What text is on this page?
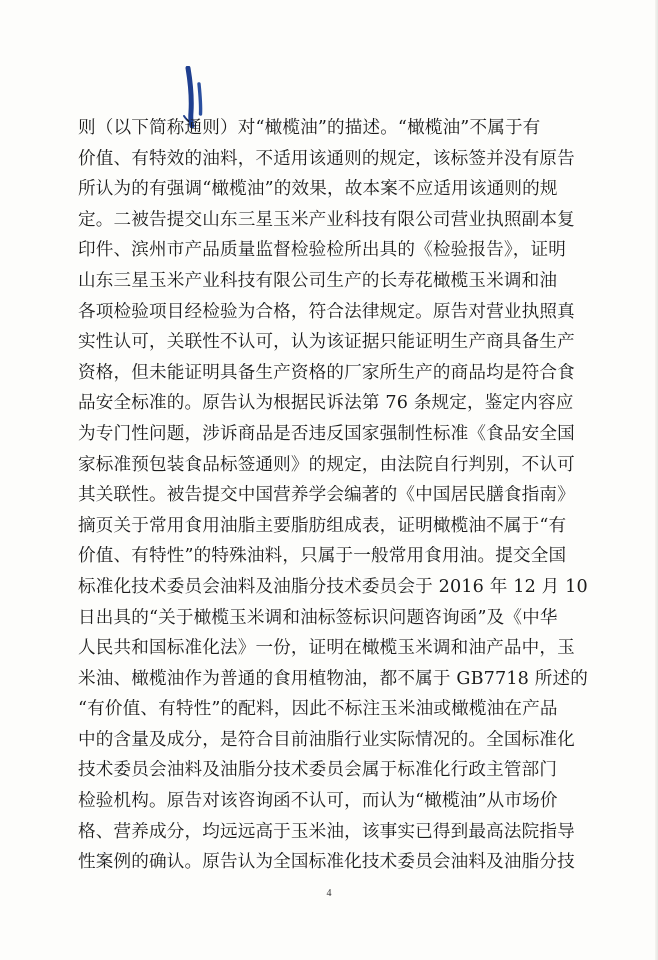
则（以下简称通则）对“橄榄油”的描述。“橄榄油”不属于有
价值、有特效的油料，不适用该通则的规定，该标签并没有原告
所认为的有强调“橄榄油”的效果，故本案不应适用该通则的规
定。二被告提交山东三星玉米产业科技有限公司营业执照副本复
印件、滨州市产品质量监督检验检所出具的《检验报告》，证明
山东三星玉米产业科技有限公司生产的长寿花橄榄玉米调和油
各项检验项目经检验为合格，符合法律规定。原告对营业执照真
实性认可，关联性不认可，认为该证据只能证明生产商具备生产
资格，但未能证明具备生产资格的厂家所生产的商品均是符合食
品安全标准的。原告认为根据民诉法第 76 条规定，鉴定内容应
为专门性问题，涉诉商品是否违反国家强制性标准《食品安全国
家标准预包装食品标签通则》的规定，由法院自行判别，不认可
其关联性。被告提交中国营养学会编著的《中国居民膳食指南》
摘页关于常用食用油脂主要脂肪组成表，证明橄榄油不属于“有
价值、有特性”的特殊油料，只属于一般常用食用油。提交全国
标准化技术委员会油料及油脂分技术委员会于 2016 年 12 月 10
日出具的“关于橄榄玉米调和油标签标识问题咨询函”及《中华
人民共和国标准化法》一份，证明在橄榄玉米调和油产品中，玉
米油、橄榄油作为普通的食用植物油，都不属于 GB7718 所述的
“有价值、有特性”的配料，因此不标注玉米油或橄榄油在产品
中的含量及成分，是符合目前油脂行业实际情况的。全国标准化
技术委员会油料及油脂分技术委员会属于标准化行政主管部门
检验机构。原告对该咨询函不认可，而认为“橄榄油”从市场价
格、营养成分，均远远高于玉米油，该事实已得到最高法院指导
性案例的确认。原告认为全国标准化技术委员会油料及油脂分技
4
